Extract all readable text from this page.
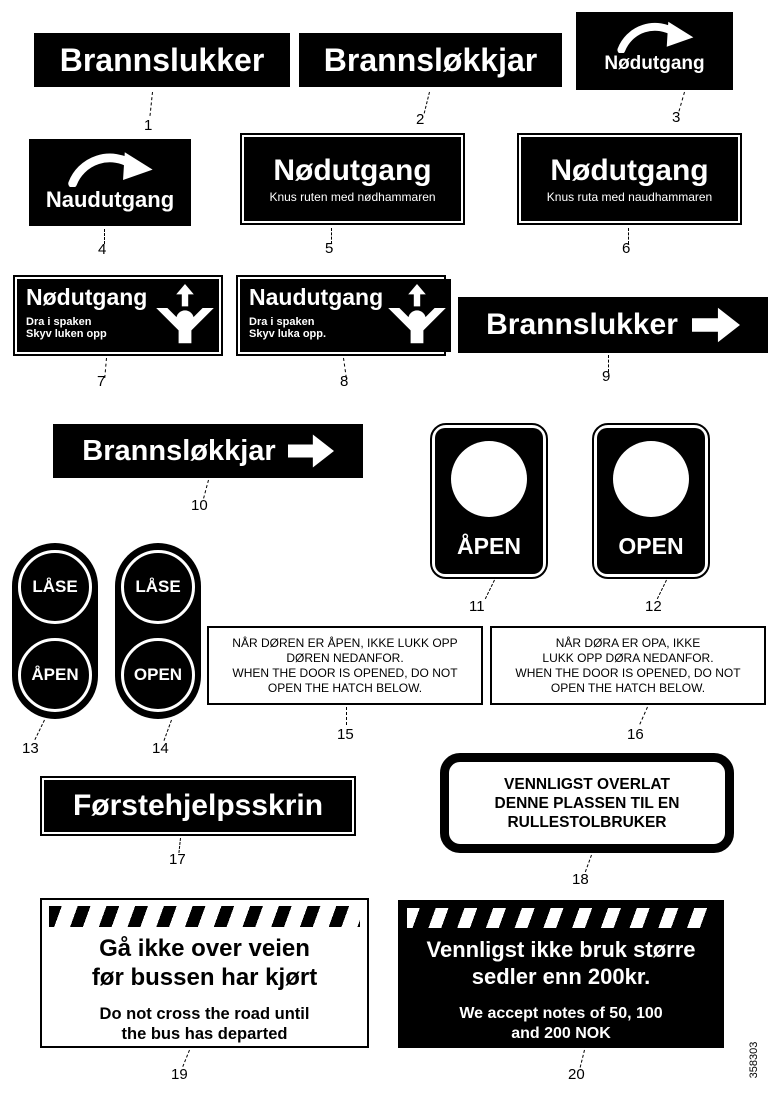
Brannslukker Brannsløkkjar	Nødutgang
Naudutgang
Nødutgang
Knus ruten med nødhammaren
Nødutgang
Knus ruta med naudhammaren
Nødutgang
Dra i spaken
Skyv luken opp
Naudutgang
Dra i spaken
Skyv luka opp.	Brannslukker
Brannsløkkjar
ÅPEN	OPEN
LÅSE
ÅPEN
LÅSE
OPEN
NÅR DØREN ER ÅPEN, IKKE LUKK OPP
DØREN NEDANFOR.
WHEN THE DOOR IS OPENED, DO NOT
OPEN THE HATCH BELOW.
NÅR DØRA ER OPA, IKKE
LUKK OPP DØRA NEDANFOR.
WHEN THE DOOR IS OPENED, DO NOT
OPEN THE HATCH BELOW.
Førstehjelpsskrin
VENNLIGST OVERLAT
DENNE PLASSEN TIL EN
RULLESTOLBRUKER
Gå ikke over veien
før bussen har kjørt
Do not cross the road until
the bus has departed
Vennligst ikke bruk større
sedler enn 200kr.
We accept notes of 50, 100
and 200 NOK
1	2	3
4	5	6
7	8	9
10
11	12
13	14
15	16
17
18
19	20	358303
